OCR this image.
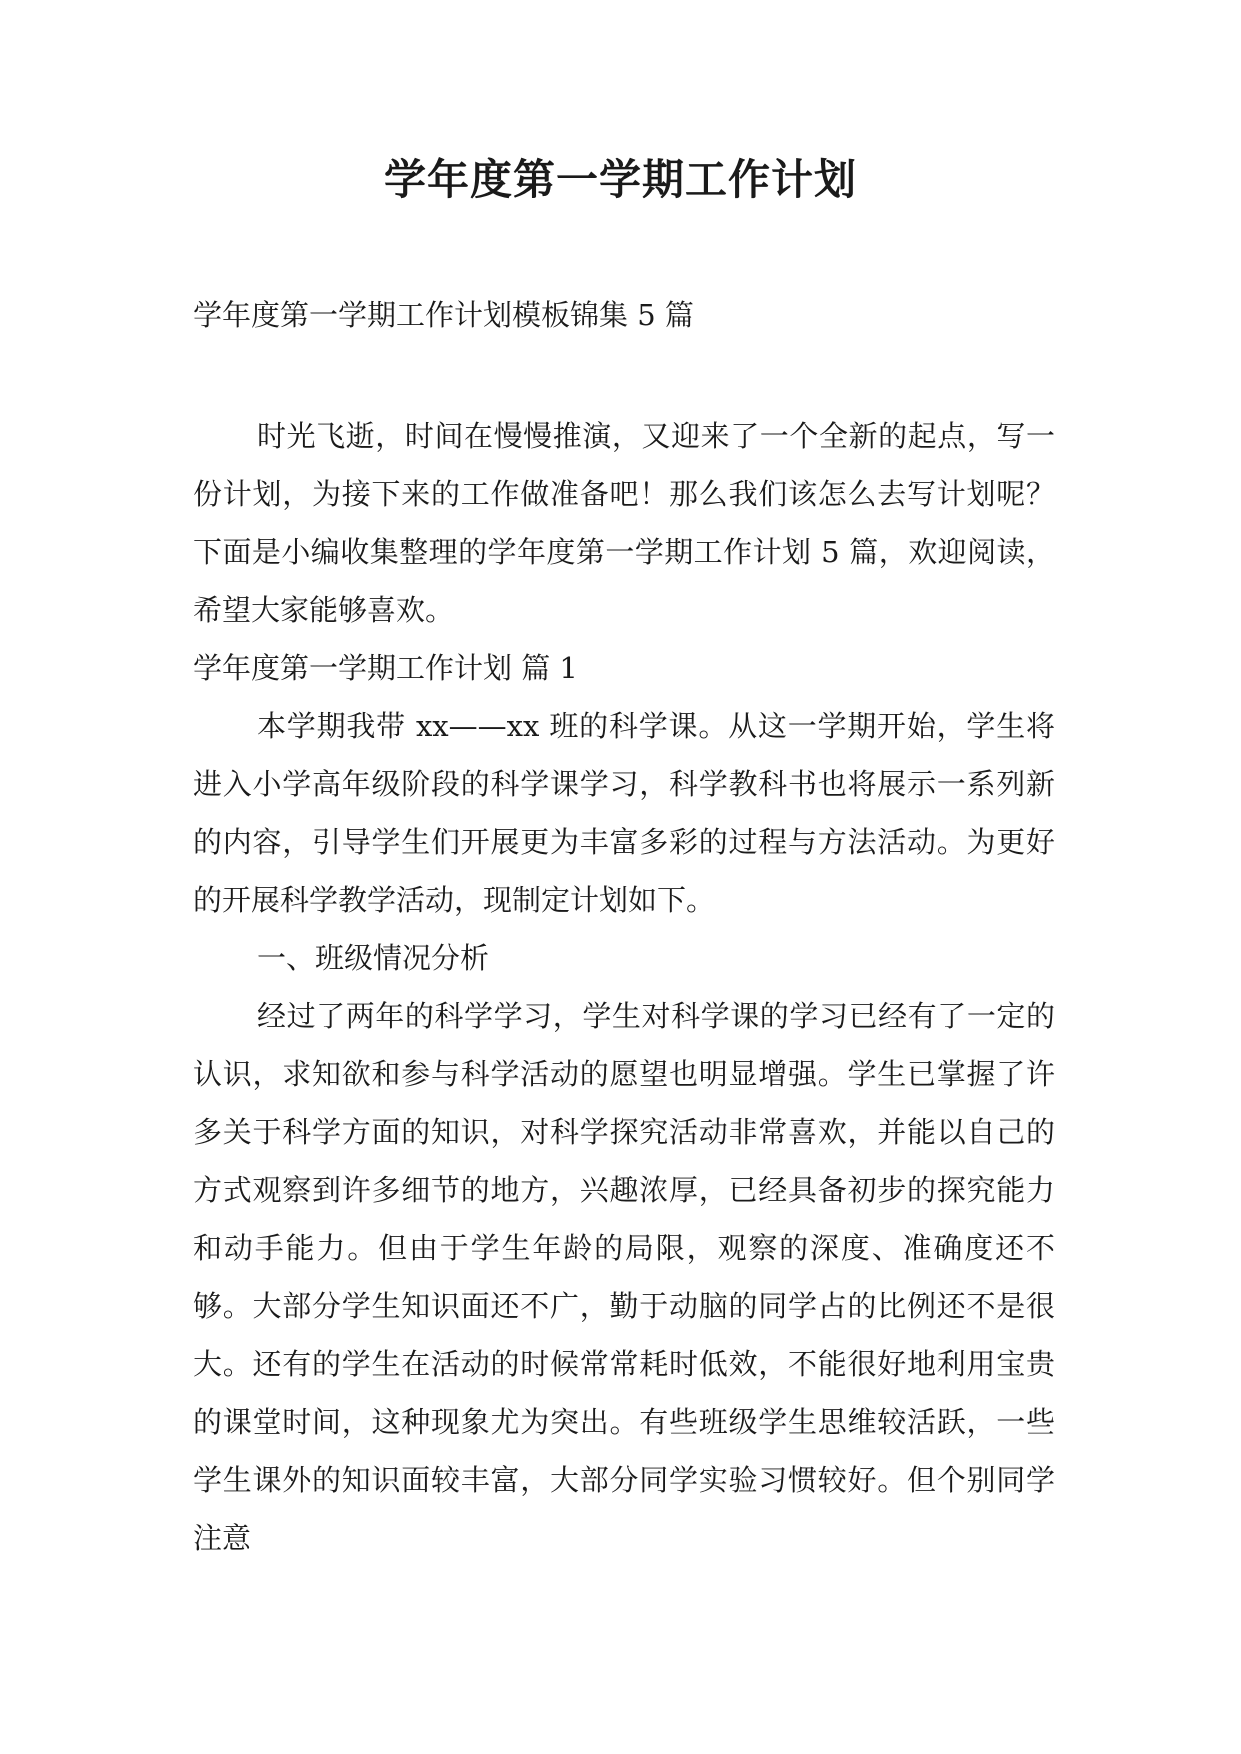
学年度第一学期工作计划

学年度第一学期工作计划模板锦集 5 篇

时光飞逝，时间在慢慢推演，又迎来了一个全新的起点，写一份计划，为接下来的工作做准备吧！那么我们该怎么去写计划呢？下面是小编收集整理的学年度第一学期工作计划 5 篇，欢迎阅读，希望大家能够喜欢。

学年度第一学期工作计划 篇 1

本学期我带 xx——xx 班的科学课。从这一学期开始，学生将进入小学高年级阶段的科学课学习，科学教科书也将展示一系列新的内容，引导学生们开展更为丰富多彩的过程与方法活动。为更好的开展科学教学活动，现制定计划如下。

一、班级情况分析

经过了两年的科学学习，学生对科学课的学习已经有了一定的认识，求知欲和参与科学活动的愿望也明显增强。学生已掌握了许多关于科学方面的知识，对科学探究活动非常喜欢，并能以自己的方式观察到许多细节的地方，兴趣浓厚，已经具备初步的探究能力和动手能力。但由于学生年龄的局限，观察的深度、准确度还不够。大部分学生知识面还不广，勤于动脑的同学占的比例还不是很大。还有的学生在活动的时候常常耗时低效，不能很好地利用宝贵的课堂时间，这种现象尤为突出。有些班级学生思维较活跃，一些学生课外的知识面较丰富，大部分同学实验习惯较好。但个别同学注意
